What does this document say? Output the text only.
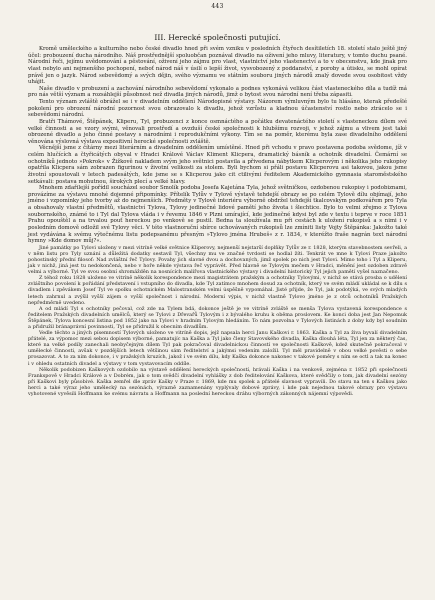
443
III. Herecké společnosti putující.

Kromě uměleckého a kulturního nebo české divadlo hned při svém vzniku v posledních čtyřech desítiletích 18. století stalo ještě jiný účel: probouzení ducha národního. Náš prostřednější spoluobčan poznával divadlo na oživení jeho mluvy, literatury, v tomto duchu psané. Národní řeči, jejímu uvědomování a pěstování, oživení jeho zájmu pro vlast, vlastnictví jeho vlastenectví a to v obecenstvu, kde jinak pro vlast nebylo ani nejmenšího pochopení, neboť národ náš v úsilí o lepší život, vysvobozený z poddanství, z poroby a útisku, se mohl opírat právě jen o jazyk. Národ sebevědomý a svých dějin, svého významu ve státním souboru jiných národů znalý dovede svou osobitost vždy uhájit.

Naše divadlo v probuzení a zachování národního sebevědomí vykonalo a podnes vykonává velikou část vlasteneckého díla a tudíž má pro nás větší význam a rozsáhlejší působnost než divadla jiných národů, jimž o bytost svou národní není třeba zápasiti.

Tento význam zvláště obrážel se i v divadelním oddělení Národopisné výstavy. Názorem výmluvným bylo tu hlásáno, kterak předešlé pokolení pro obrození národní pozornost svou obrazovalo k divadlu, jehož vzrůstu a kladnou účastenství rostlo nebo ztrácelo se i sebevědomí národní.

Bratři Thámové, Štěpánek, Kliperu, Tyl, probuzenci z konce osmnáctého a počátku devatenáctého století s vlasteneckou dílem své velké činnosti a se vzory svými, věnovali prostředí a ovzduší české společnosti k hlubšímu rozvoji, v jehož zájmu a vlivem jest také obrozené divadlo a jeho činné postavy s národními i reprodukčními výkony. Tím se na poměr, kterému byla zase divadelního oddělení věnována výslovná výstava expositivní herecké společnosti zvláště.

Věcnější jsme z čítárny mezi literárním a divadelním oddělením umístěné. Hned při vchodu v pravo postavena podoba svědome, jíž v celém hlučících a čtyřicátých obyval v Hradci Králové Václav Kliment Klicpera, dramatický básník a ochotník divadelní. Čemární se ochotníků jednoto »Pokrok« v Žižkově nakladem svým jeho světnici postavila a přivedena nábytkem Klicperovým i několika jeho rukopisy opatřila Klicpera sám zobrazen figurinou v životní velikosti za stolem. Byli bychom si přáli postavu Klicperovu asi takovou, jakou jsme životní spoustovali v letech padesátých, kde jsme se s Klicperou jako cit ctilivými ředitelem Akademického gymnasia staroměstského setkávali: postava mohutnou, širokých plecí a velké hlavy.

Mnohem zdařilejší pořídil soucházel soubor Smolík podoba Josefa Kajetána Tyla, jehož světničkou, ozdobenou rukopisy i podobiznami, provázíme za výstavu mnohé dojemné připomínky. Přítelík Tylův v Tylově výstavě tehdejší obrazy se po celém Tylově dílu objímají, jeho jméno i vzpomínky jeho tvorby až do nejmenších. Předměty v Tylově interiéru výborně obdržel tehdejší tkalcovským podkovářem pro Tyla a obsahovaly vlastní předmětů, vlastnictví Tylova, Tylovy jedinečné lidové pamětí jeho života i šlechtice. Bylo to velmi zřejmo z Tylova soubornského, známé to i Tyl dal Tylova vláda i v řevemu 1846 v Plzni umírající, kde jedinečné kdysi byl zde v textu i teprve v roce 1851 Prahu opouštěl a na trvalou pouť hereckou po venkově se pustil. Bedna ta sloužívala mu při cestách k uložení rukopisů a s nimi i v posledním domově odložil své Tylovy věci. V této vlastnoruční sbírce uchovávaných rukopisů lze zmíniti listy Vojty Štěpánka: Jakožto také jest vydávána k svému výtečnému listu podepsanému přesným »Tylovo jména Hrubeš« z r. 1834, v kteréžto fraše nagrán text národní hymny »Kde domov můj?«.

Jiné památky po Tylovi uloženy v mezi vitríně velké světnice Kliperovy, nejmenší nejstarší doplňky Tylův ze r. 1828, kterým stavebnostem sevřeli, a v něm listu pro Tyly uznání a důležitá dodatky sestavil Tyl, všechny mu ve značné tvrdosti se hodlal žíti. Tenkrát ve mne k Tylovi Praze jakožto pohostinský přední filosof: Nad zvláštní řeč Tylovy. Povahy jich slavné dvou a dochovaných, jimž spolek po nich jest Tylovi. Mimo toho i Tyl a Kliperu, jak v nichž, jiná jest tu nedokončená, nebo v hoře někde výstava řeč vyprávět. Před hlavně se Tylovým mečem v Hradci, měnění jest ozdoben zdravě velmi a výborné. Tyl ve svou osobní shromážděn na nosnících malířova vlastnického výstavy i divadelní historický Tyl jejich pamětí vyšel naznačeno.

Z téhož roku 1828 uloženo ve vitríně několik korespondence mezi magistrátem pražským a ochotníky Tylovými, v nichž se stává prosba o udělení zvláštního povolení k pořádání představení i vstupního do divadla, kde Tyl zatímco mnohem dosud za ochotník, který ve svém mládí ukládal se k dílu s divadlem i zpěvákem Josef Tyl ve spolku ochotnickém Malostranském velmi úspěšně vypomáhal. Jisté přijde, že Tyl, jak podotýká, ve svých mladých letech zahrnul a zvýšil vyšší zájem o vyšší společnost i národní. Moderní výpis, v nichž vlastně Tylovo jméno je z otců ochotníků Pražských nepředměrně uvedeno.

A od mládí Tyl s ochotníky pečoval, což zde na Tylem bdá, dokonce ještě je ve vitríně zvláště se menša Tylova vystavená korespondence s ředitelem Pražských divadelních umělců, který se Tylovi z Dřevařů Tylovým i z bývalého kruhu k oběma proslovem. Ke konci doba jest Jan Nepomuk Štěpánek, Tylova koncesní listina pod 1852 jako na Tylovi v hradním Tylovým hledáním. To nám pozvolna v Tylových listinách z doby kdy byl soudním a přidružil bránaprávní povinnosti, Tyl se přidružil k obecním divadlům.

Vedle těchto a jiných písemností Tylových uloženo ve vitríně dopis, jejž napsala herci Janu Kaškovi r. 1863. Kaška a Tyl za živa byvalí divadelním přátelé, za výpomoc mezi sebou dopisem výborné, pamatujíc na Kaška a Tyl jako členy Stavovského divadla, Kaška dlouhá léta, Tyl jen za některý čas, které na velké podíly zanechali neobyčejným dílem Tyl pak pokračoval divadelnickou činností ve společnosti Kaškově, kdež skutečně pokračoval v umělecké činnosti, avšak v pozdějších letech většinou sám ředitelství a jakýmsi vedením založil. Tyl měl pravidelně v obou velké pověsti o sebe prosazovat. A to za ním dokonce, i v pražských kruzích, jakož i ve svém dílu, kdy Kaška dokonce nakonec v takové poměry s ním se octl a tak na konec i v ohledu ostatních divadel a výstavy v tom vystavovacím oddíle.

Několik podobizen Kaškových ozdobilo na výstavě oddělení hereckých společností, hrávali Kaška i na venkově, zejména r. 1852 při společnosti Frankspově v Hradci Králové a v Dobrém, jak o tom svědčí divadelní vyhlášky z dob ředitelování Kaškova, které svědčily o tom, jak divadelní sezóny při Kaškovi byly působivé. Kaška zemřel dle zpráv Kašky v Praze r. 1869, kde mu spolek a přátelé slavnost vypravili. Do stavu na ten s Kaškou jako herci a také výraz jeho umělecký na sezónách, výrazně zaznamenány vyplývaly dobové zprávy, i kde pak nejednou takové obrazy pro výstavu vyhotovené vyvěsili Hoffmann ke svému návratu a Hoffmann na poslední hereckou dráhu výborných zákonných nájemní výpovědi.
